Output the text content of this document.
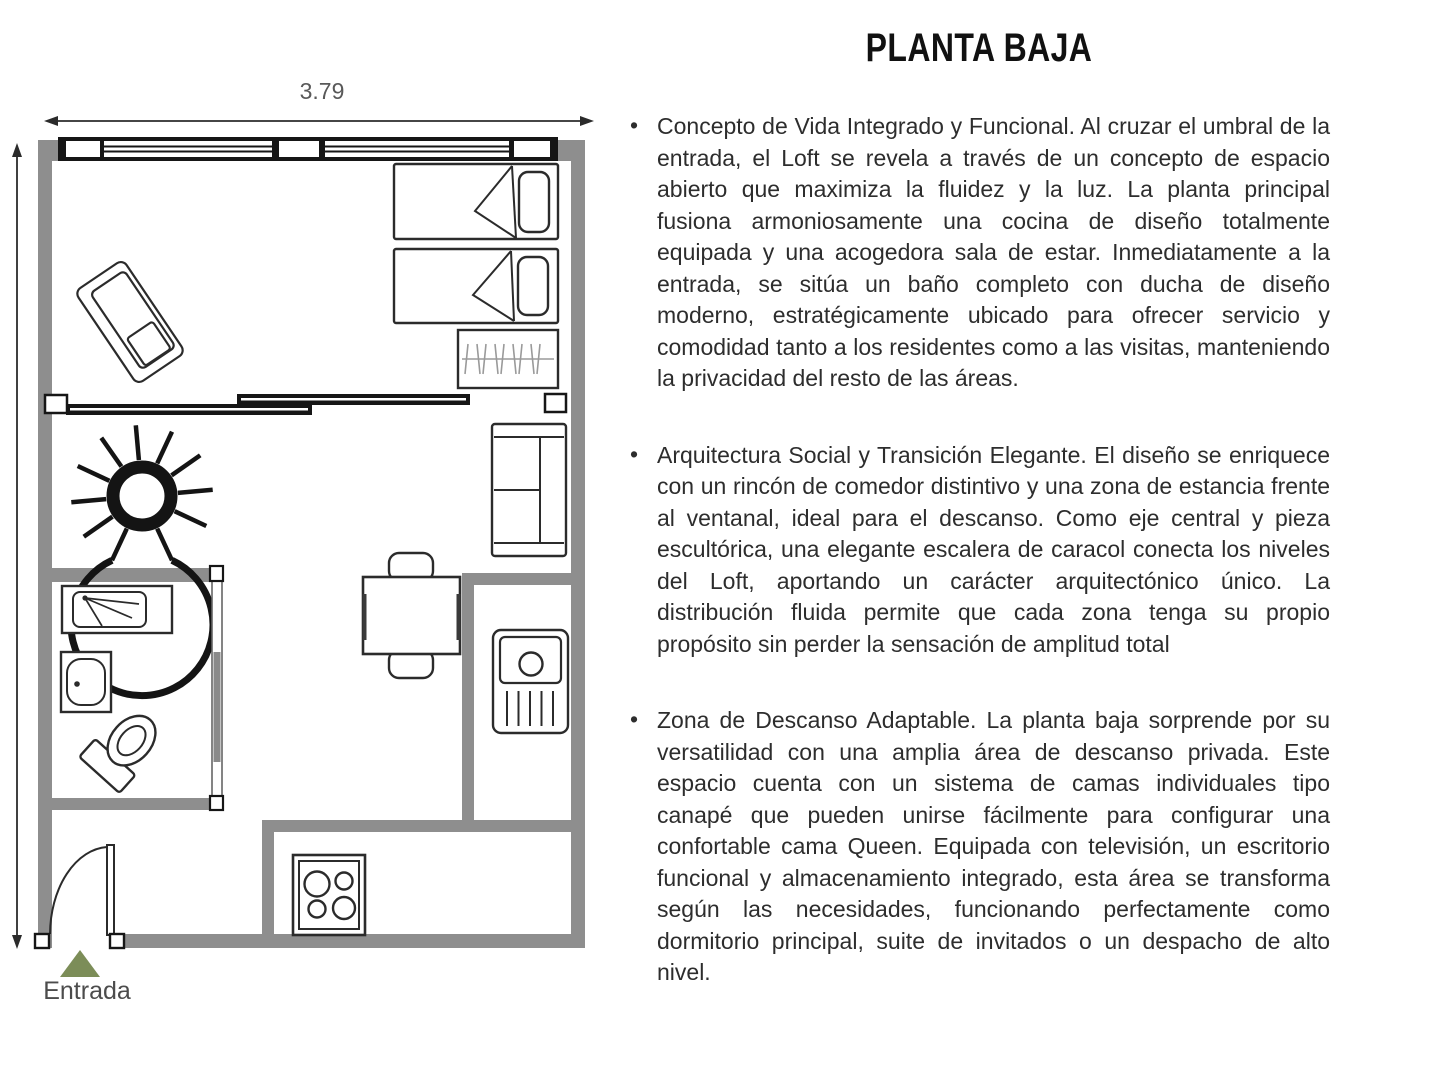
3.79
Entrada
PLANTA BAJA
• Concepto de Vida Integrado y Funcional. Al cruzar el umbral de la entrada, el Loft se revela a través de un concepto de espacio abierto que maximiza la fluidez y la luz. La planta principal fusiona armoniosamente una cocina de diseño totalmente equipada y una acogedora sala de estar. Inmediatamente a la entrada, se sitúa un baño completo con ducha de diseño moderno, estratégicamente ubicado para ofrecer servicio y comodidad tanto a los residentes como a las visitas, manteniendo la privacidad del resto de las áreas.
• Arquitectura Social y Transición Elegante. El diseño se enriquece con un rincón de comedor distintivo y una zona de estancia frente al ventanal, ideal para el descanso. Como eje central y pieza escultórica, una elegante escalera de caracol conecta los niveles del Loft, aportando un carácter arquitectónico único. La distribución fluida permite que cada zona tenga su propio propósito sin perder la sensación de amplitud total
• Zona de Descanso Adaptable. La planta baja sorprende por su versatilidad con una amplia área de descanso privada. Este espacio cuenta con un sistema de camas individuales tipo canapé que pueden unirse fácilmente para configurar una confortable cama Queen. Equipada con televisión, un escritorio funcional y almacenamiento integrado, esta área se transforma según las necesidades, funcionando perfectamente como dormitorio principal, suite de invitados o un despacho de alto nivel.
